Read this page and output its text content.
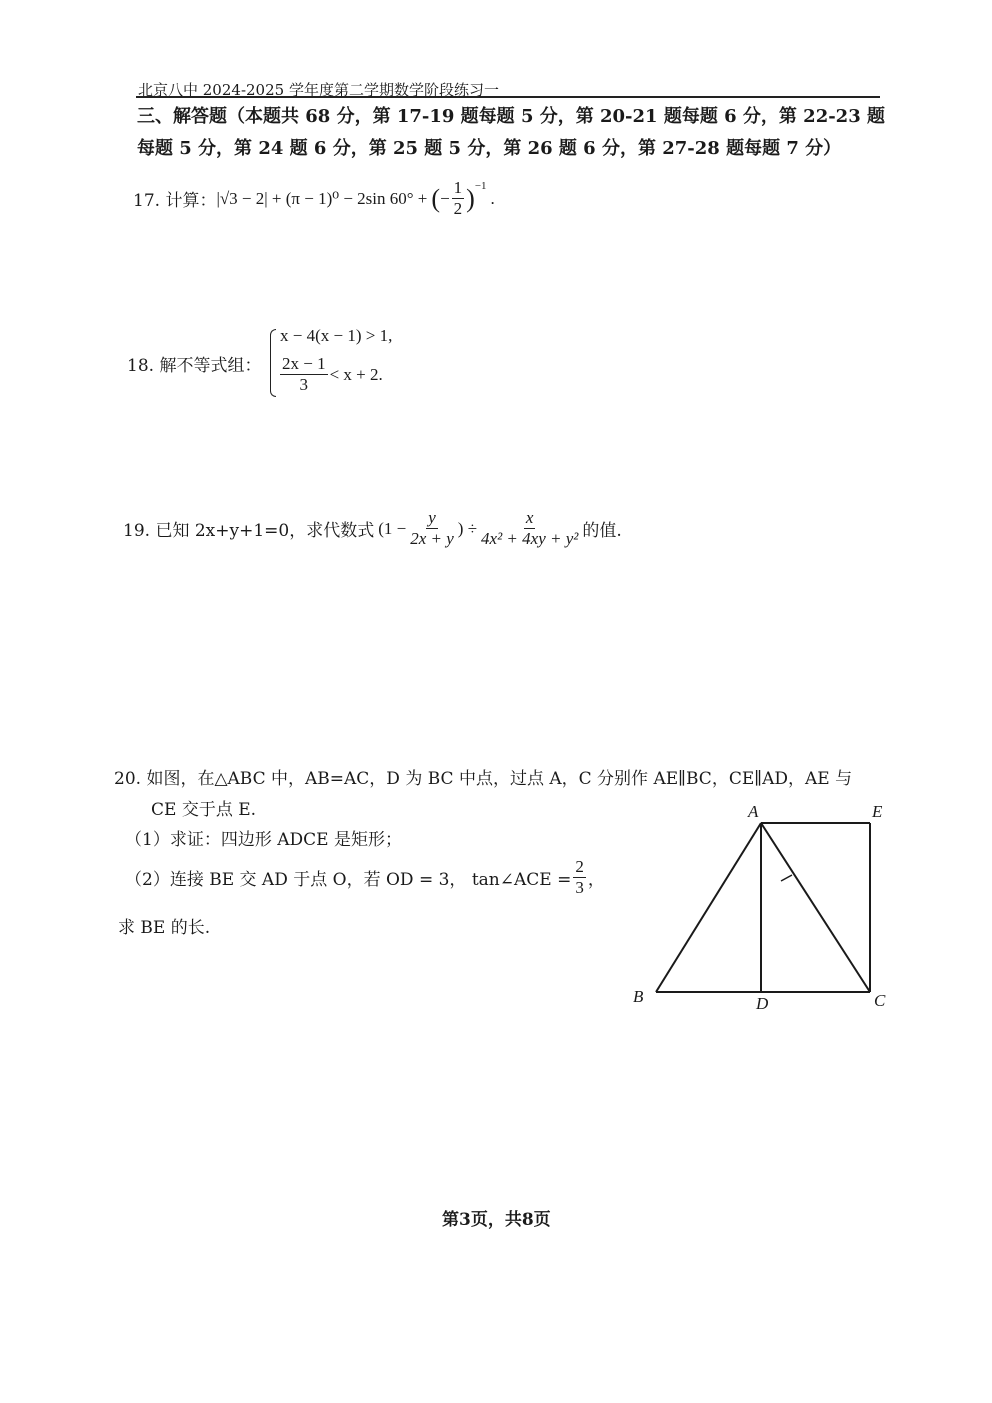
北京八中 2024-2025 学年度第二学期数学阶段练习一
三、解答题（本题共 68 分，第 17-19 题每题 5 分，第 20-21 题每题 6 分，第 22-23 题
每题 5 分，第 24 题 6 分，第 25 题 5 分，第 26 题 6 分，第 27-28 题每题 7 分）
17. 计算： |√3 − 2| + (π − 1)⁰ − 2sin 60° + ( − $\frac{1}{2} )^{-1}$
.
18. 解不等式组：
x − 4(x − 1) > 1,
$\frac{2x - 1}{3} < x + 2$.
19. 已知 2x+y+1=0，求代数式 ($1 - \frac{y}{2x + y}$ ) ÷ $\frac{x}{\text{4x² + 4xy + y²}}$ 的值.
20. 如图，在△ABC 中，AB=AC，D 为 BC 中点，过点 A，C 分别作 AE∥BC，CE∥AD，AE 与
CE 交于点 E.
（1）求证：四边形 ADCE 是矩形；
（2）连接 BE 交 AD 于点 O，若 OD = 3， tan∠ACE = $\frac{2}{3}$ ，
求 BE 的长.
A	E
B	D	C
第3页，共8页
